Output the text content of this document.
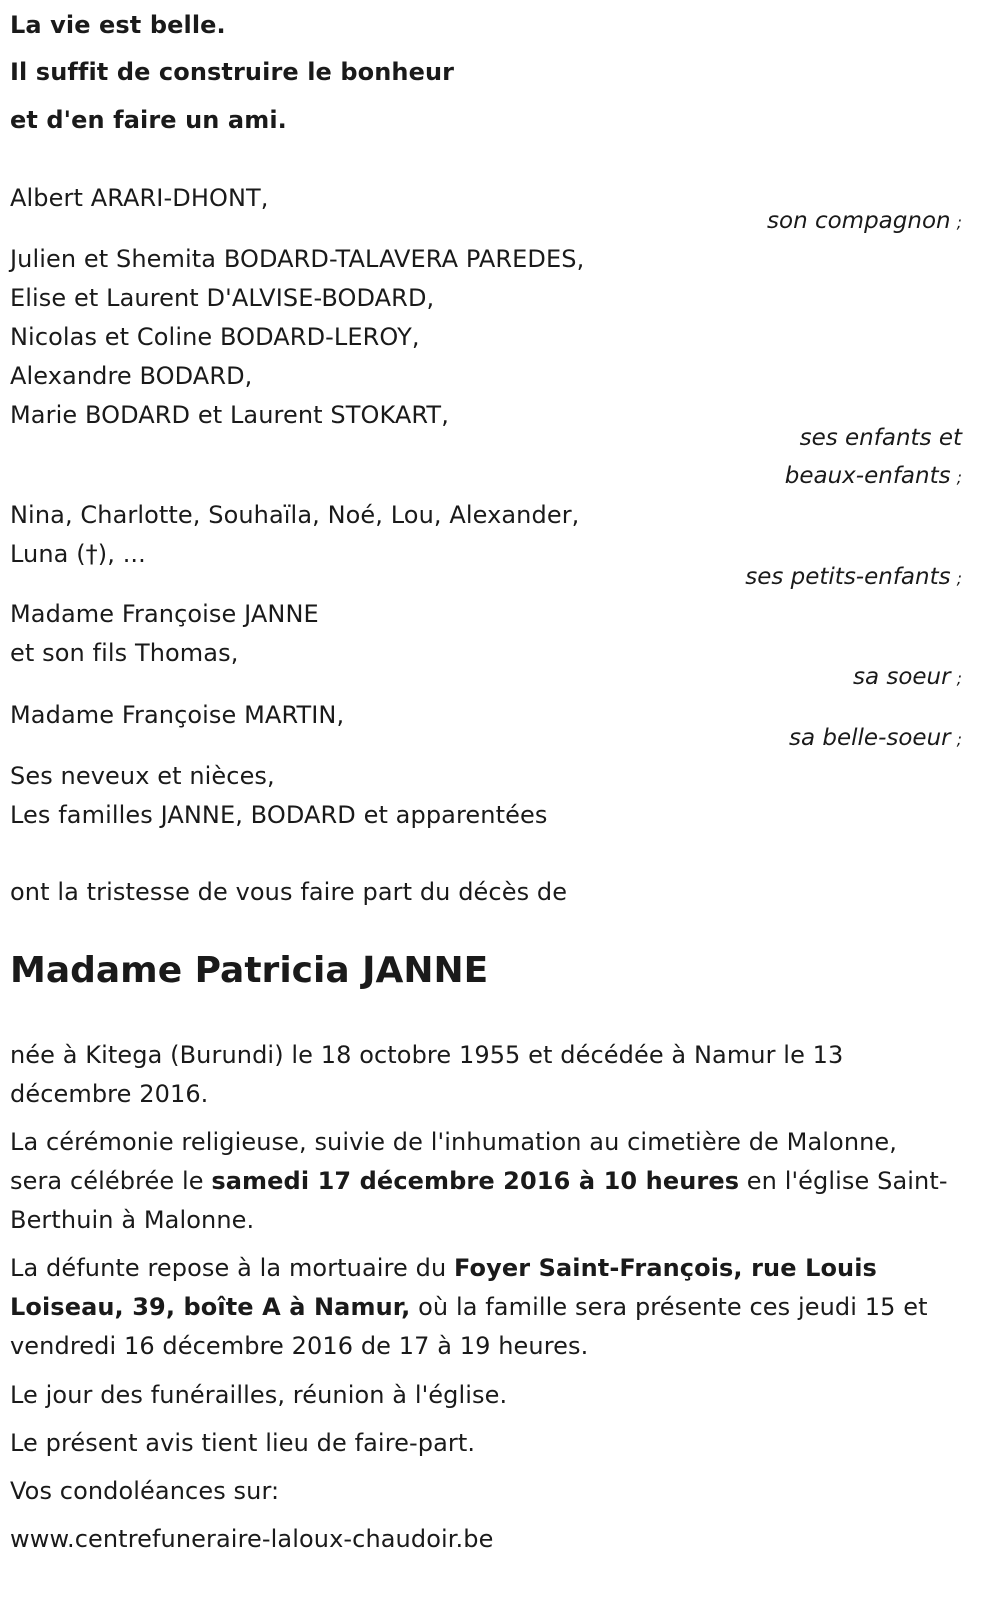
La vie est belle.
Il suffit de construire le bonheur
et d'en faire un ami.
Albert ARARI-DHONT,
son compagnon ;
Julien et Shemita BODARD-TALAVERA PAREDES,
Elise et Laurent D'ALVISE-BODARD,
Nicolas et Coline BODARD-LEROY,
Alexandre BODARD,
Marie BODARD et Laurent STOKART,
ses enfants et
beaux-enfants ;
Nina, Charlotte, Souhaïla, Noé, Lou, Alexander,
Luna (†), ...
ses petits-enfants ;
Madame Françoise JANNE
et son fils Thomas,
sa soeur ;
Madame Françoise MARTIN,
sa belle-soeur ;
Ses neveux et nièces,
Les familles JANNE, BODARD et apparentées
ont la tristesse de vous faire part du décès de
Madame Patricia JANNE
née à Kitega (Burundi) le 18 octobre 1955 et décédée à Namur le 13
décembre 2016.
La cérémonie religieuse, suivie de l'inhumation au cimetière de Malonne,
sera célébrée le samedi 17 décembre 2016 à 10 heures en l'église Saint-
Berthuin à Malonne.
La défunte repose à la mortuaire du Foyer Saint-François, rue Louis
Loiseau, 39, boîte A à Namur, où la famille sera présente ces jeudi 15 et
vendredi 16 décembre 2016 de 17 à 19 heures.
Le jour des funérailles, réunion à l'église.
Le présent avis tient lieu de faire-part.
Vos condoléances sur:
www.centrefuneraire-laloux-chaudoir.be
